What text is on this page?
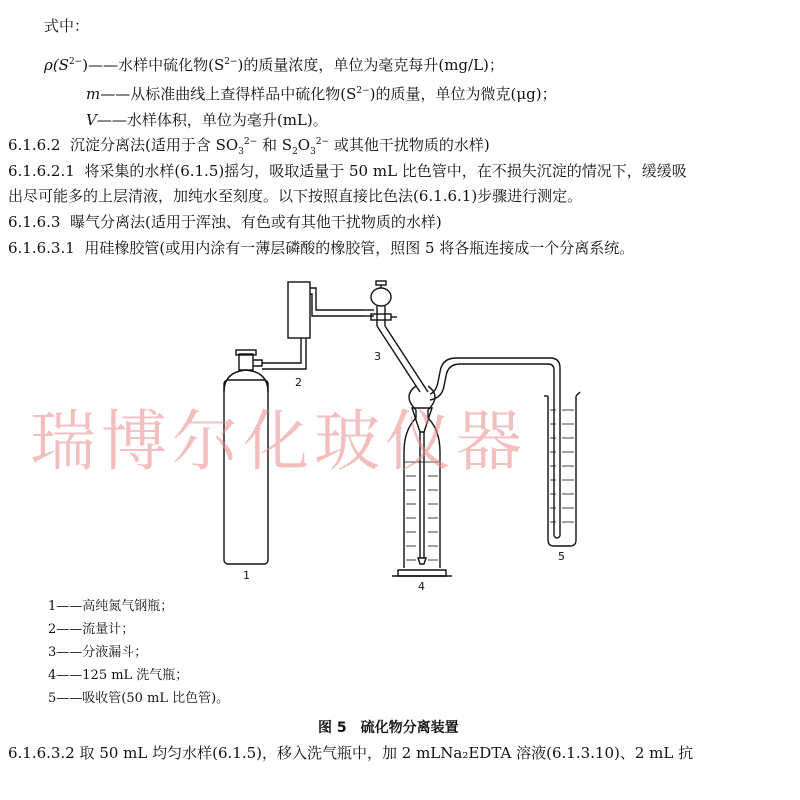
式中：
$\rho(S^{2-})——$水样中硫化物$(S^{2-})$的质量浓度，单位为毫克每升(mg/L)；
m——从标准曲线上查得样品中硫化物$(S^{2-})$的质量，单位为微克(μg)；
V——水样体积，单位为毫升(mL)。
6.1.6.2 沉淀分离法(适用于含 $SO_3^{2-}$ 和 $S_2O_3^{2-}$ 或其他干扰物质的水样)
6.1.6.2.1 将采集的水样(6.1.5)摇匀，吸取适量于 50 mL 比色管中，在不损失沉淀的情况下，缓缓吸
出尽可能多的上层清液，加纯水至刻度。以下按照直接比色法(6.1.6.1)步骤进行测定。
6.1.6.3 曝气分离法(适用于浑浊、有色或有其他干扰物质的水样)
6.1.6.3.1 用硅橡胶管(或用内涂有一薄层磷酸的橡胶管，照图 5 将各瓶连接成一个分离系统。
1
2
3
4
5
瑞博尔化玻仪器
1——高纯氮气钢瓶；
2——流量计；
3——分液漏斗；
4——125 mL 洗气瓶；
5——吸收管(50 mL 比色管)。
图 5　硫化物分离装置
6.1.6.3.2 取 50 mL 均匀水样(6.1.5)，移入洗气瓶中，加 2 mLNa₂EDTA 溶液(6.1.3.10)、2 mL 抗
